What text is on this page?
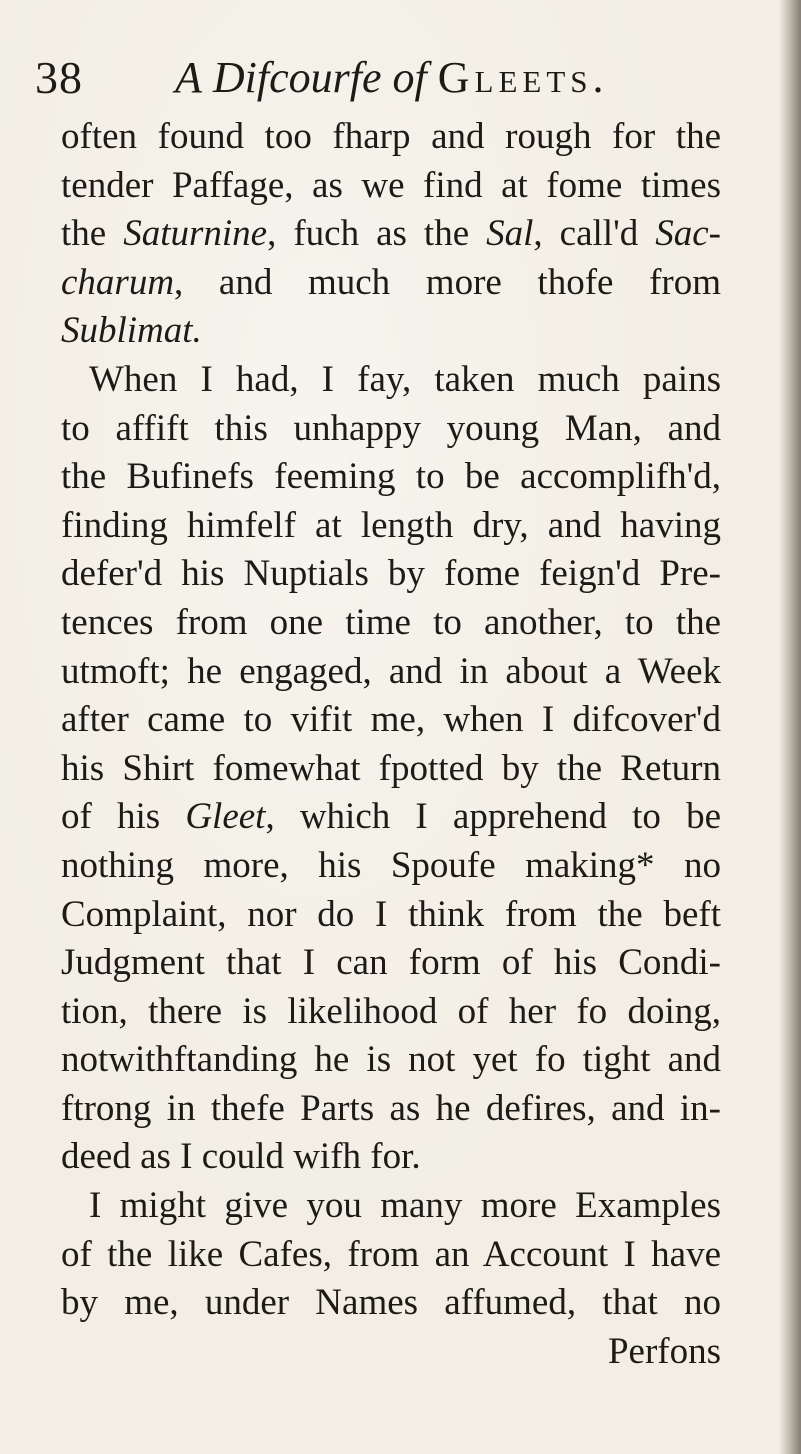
38 A Difcourfe of Gleets.
often found too fharp and rough for the
tender Paffage, as we find at fome times
the Saturnine, fuch as the Sal, call'd Sac-
charum, and much more thofe from
Sublimat.
When I had, I fay, taken much pains
to affift this unhappy young Man, and
the Bufinefs feeming to be accomplifh'd,
finding himfelf at length dry, and having
defer'd his Nuptials by fome feign'd Pre-
tences from one time to another, to the
utmoft; he engaged, and in about a Week
after came to vifit me, when I difcover'd
his Shirt fomewhat fpotted by the Return
of his Gleet, which I apprehend to be
nothing more, his Spoufe making* no
Complaint, nor do I think from the beft
Judgment that I can form of his Condi-
tion, there is likelihood of her fo doing,
notwithftanding he is not yet fo tight and
ftrong in thefe Parts as he defires, and in-
deed as I could wifh for.
I might give you many more Examples
of the like Cafes, from an Account I have
by me, under Names affumed, that no
Perfons
